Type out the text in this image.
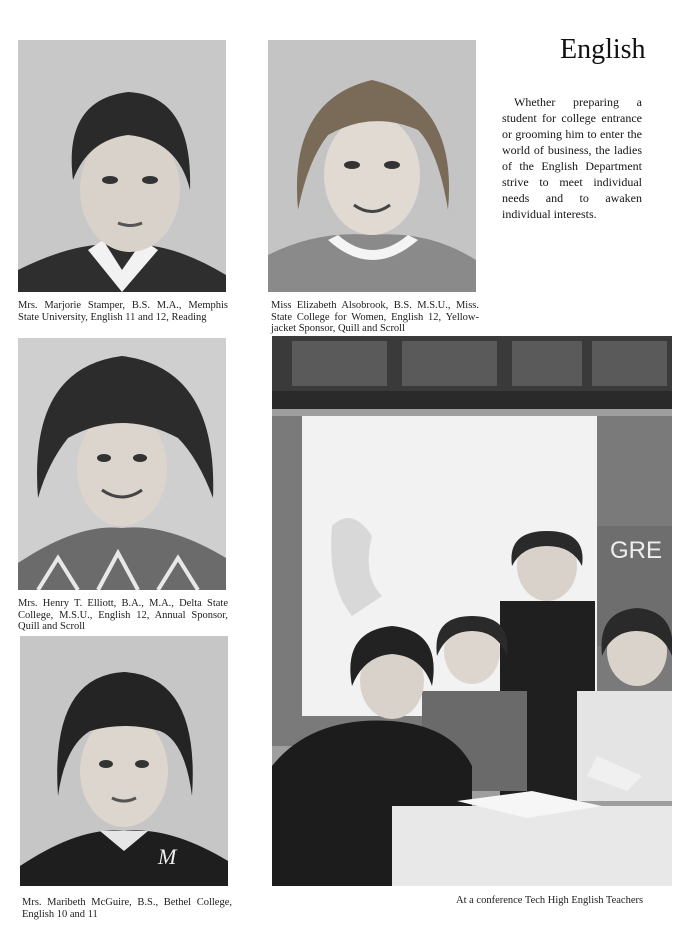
English

Whether preparing a student for college entrance or grooming him to enter the world of business, the ladies of the English Department strive to meet individual needs and to awaken individual interests.

Mrs. Marjorie Stamper, B.S. M.A., Memphis State University, English 11 and 12, Reading
Miss Elizabeth Alsobrook, B.S. M.S.U., Miss. State College for Women, English 12, Yellow-jacket Sponsor, Quill and Scroll
Mrs. Henry T. Elliott, B.A., M.A., Delta State College, M.S.U., English 12, Annual Sponsor, Quill and Scroll
M
Mrs. Maribeth McGuire, B.S., Bethel College, English 10 and 11
GRE
At a conference Tech High English Teachers
